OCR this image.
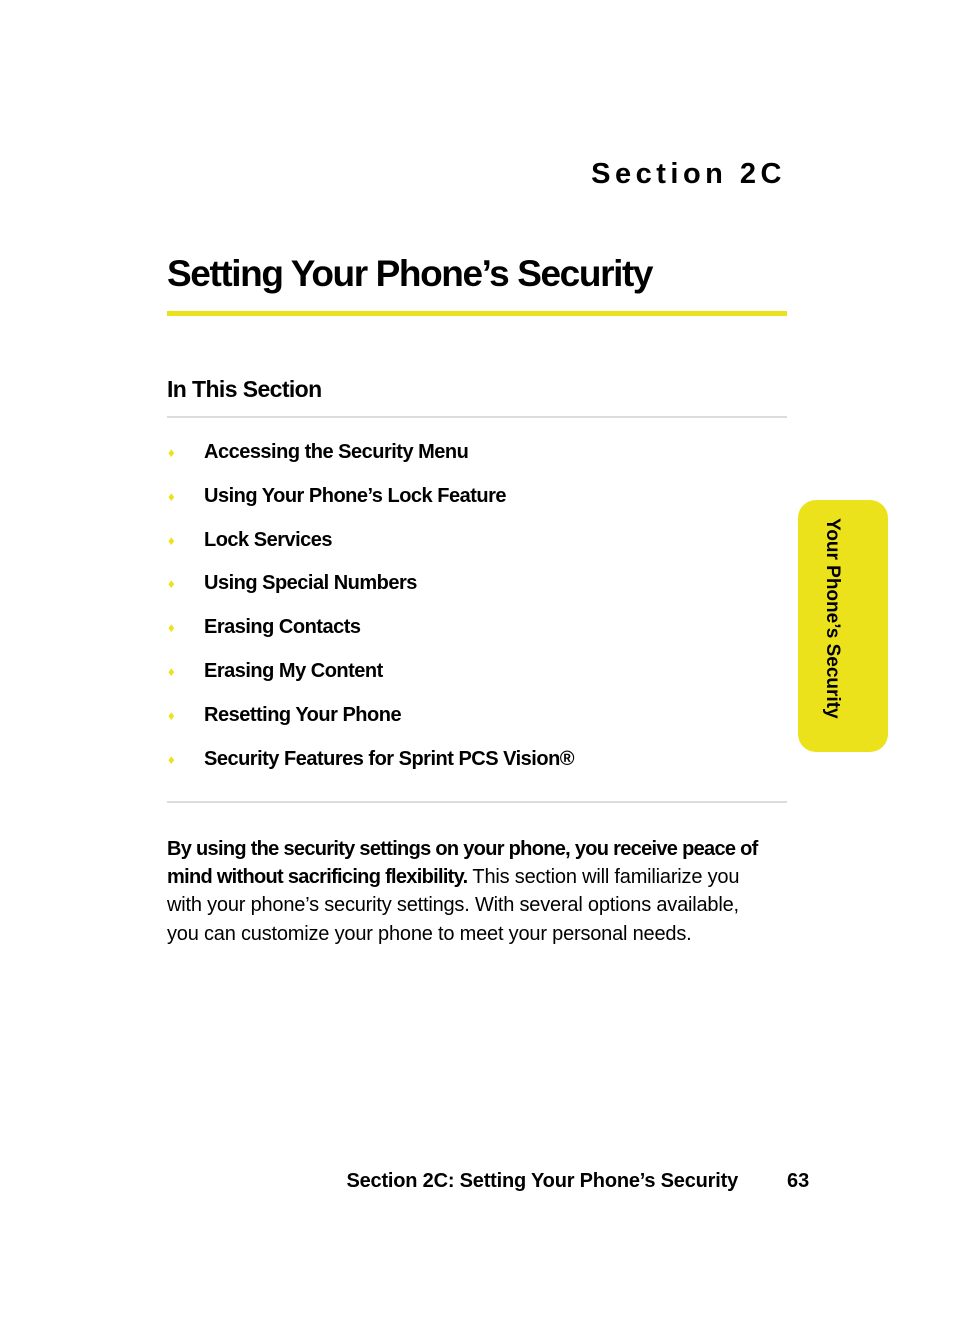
Section 2C
Setting Your Phone’s Security
In This Section
♦	Accessing the Security Menu
♦	Using Your Phone’s Lock Feature
♦	Lock Services
♦	Using Special Numbers
♦	Erasing Contacts
♦	Erasing My Content
♦	Resetting Your Phone
♦	Security Features for Sprint PCS Vision®

By using the security settings on your phone, you receive peace of mind without sacrificing flexibility. This section will familiarize you with your phone’s security settings. With several options available, you can customize your phone to meet your personal needs.

Your Phone’s Security
Section 2C: Setting Your Phone’s Security 63
